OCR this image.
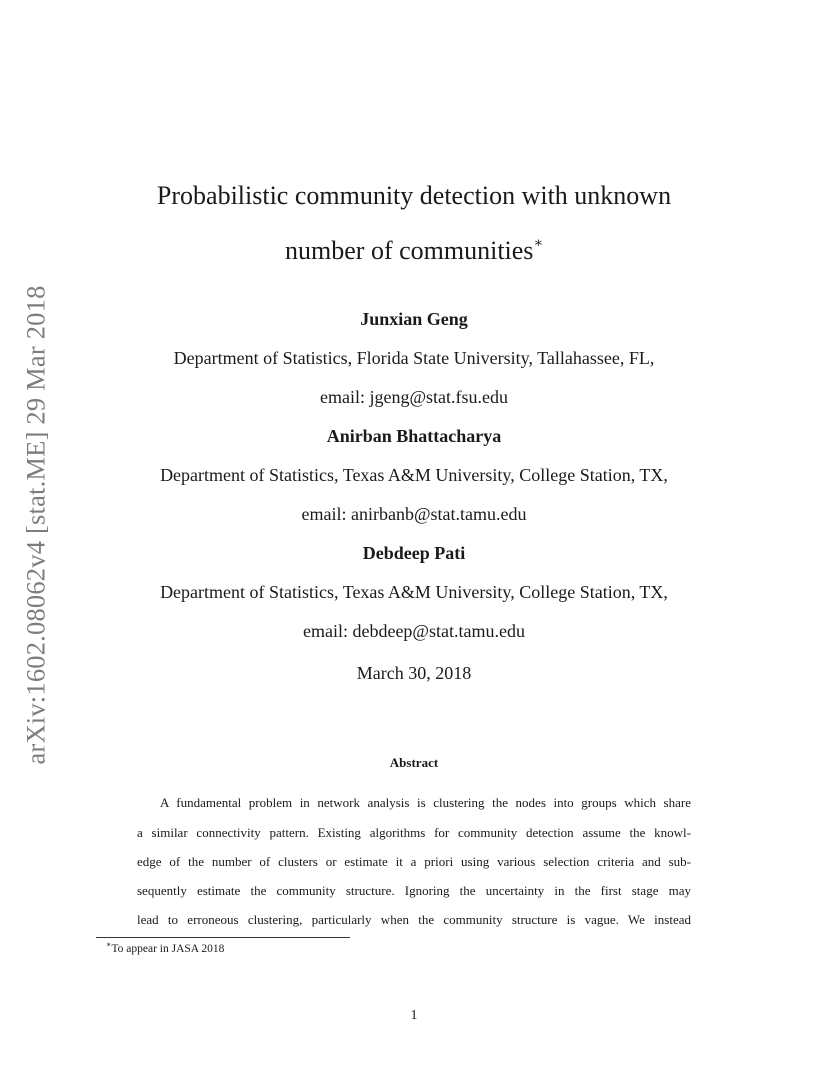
arXiv:1602.08062v4 [stat.ME] 29 Mar 2018
Probabilistic community detection with unknown
number of communities∗
Junxian Geng
Department of Statistics, Florida State University, Tallahassee, FL,
email: jgeng@stat.fsu.edu
Anirban Bhattacharya
Department of Statistics, Texas A&M University, College Station, TX,
email: anirbanb@stat.tamu.edu
Debdeep Pati
Department of Statistics, Texas A&M University, College Station, TX,
email: debdeep@stat.tamu.edu
March 30, 2018
Abstract
A fundamental problem in network analysis is clustering the nodes into groups which share
a similar connectivity pattern. Existing algorithms for community detection assume the knowl-
edge of the number of clusters or estimate it a priori using various selection criteria and sub-
sequently estimate the community structure. Ignoring the uncertainty in the first stage may
lead to erroneous clustering, particularly when the community structure is vague. We instead
∗To appear in JASA 2018
1
